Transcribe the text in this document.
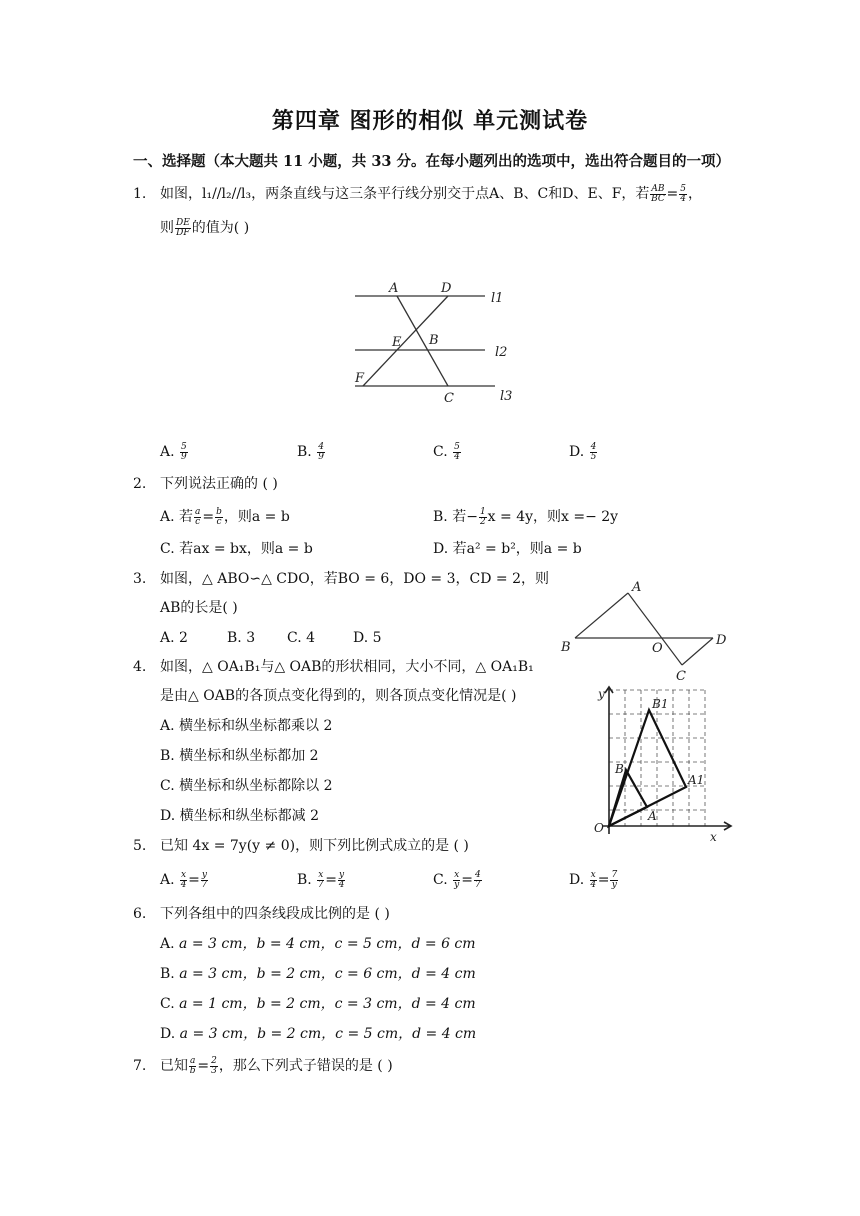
第四章 图形的相似 单元测试卷
一、选择题（本大题共 11 小题，共 33 分。在每小题列出的选项中，选出符合题目的一项）
1. 如图，l₁//l₂//l₃，两条直线与这三条平行线分别交于点A、B、C和D、E、F，若 $\frac{AB}{BC} = \frac{5}{4}$ ，
则 $\frac{DE}{DF}$ 的值为( )
A	D
E B
F
C
l1
l2
l3
A. $\frac{5}{9}$	B. $\frac{4}{9}$	C. $\frac{5}{4}$	D. $\frac{4}{5}$
2. 下列说法正确的 ( )
A. 若 $\frac{a}{c} = \frac{b}{c}$ ，则a = b	B. 若− $\frac{1}{2}$ x = 4y，则x =− 2y
C. 若ax = bx，则a = b	D. 若a² = b²，则a = b
3. 如图，△ ABO∽△ CDO，若BO = 6，DO = 3，CD = 2，则
AB的长是( )
A. 2	B. 3 C. 4	D. 5
A
B	O
D
C
4. 如图，△ OA₁B₁与△ OAB的形状相同，大小不同，△ OA₁B₁
是由△ OAB的各顶点变化得到的，则各顶点变化情况是( )
A. 横坐标和纵坐标都乘以 2
B. 横坐标和纵坐标都加 2
C. 横坐标和纵坐标都除以 2
D. 横坐标和纵坐标都减 2
y
B1
B
A1
A
O
x
5. 已知 4x = 7y(y ≠ 0)，则下列比例式成立的是 ( )
A. $\frac{x}{4} = \frac{y}{7}$	B. $\frac{x}{7} = \frac{y}{4}$	C. $\frac{x}{y} = \frac{4}{7}$	D. $\frac{x}{4} = \frac{7}{y}$
6. 下列各组中的四条线段成比例的是 ( )
A. a = 3 cm，b = 4 cm，c = 5 cm，d = 6 cm
B. a = 3 cm，b = 2 cm，c = 6 cm，d = 4 cm
C. a = 1 cm，b = 2 cm，c = 3 cm，d = 4 cm
D. a = 3 cm，b = 2 cm，c = 5 cm，d = 4 cm
7. 已知 $\frac{a}{b} = \frac{2}{3}$ ，那么下列式子错误的是 ( )
